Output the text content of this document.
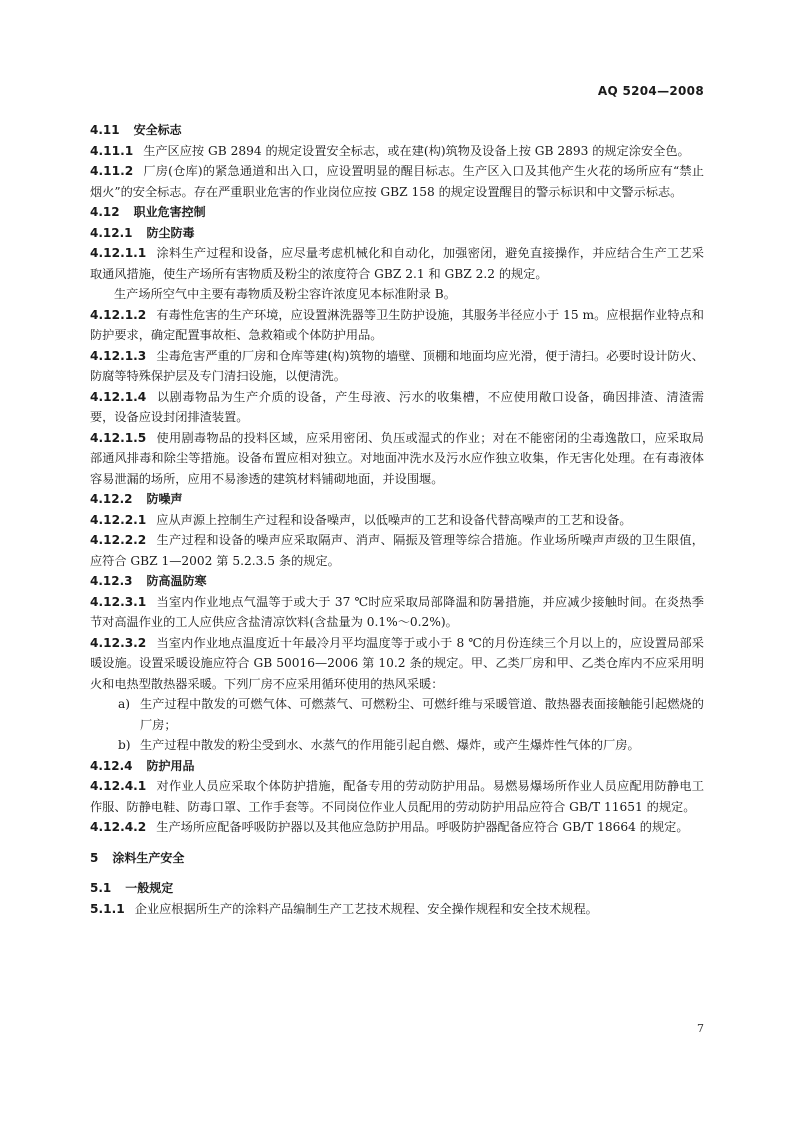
AQ 5204—2008
4.11 安全标志

4.11.1 生产区应按 GB 2894 的规定设置安全标志，或在建(构)筑物及设备上按 GB 2893 的规定涂安全色。

4.11.2 厂房(仓库)的紧急通道和出入口，应设置明显的醒目标志。生产区入口及其他产生火花的场所应有“禁止烟火”的安全标志。存在严重职业危害的作业岗位应按 GBZ 158 的规定设置醒目的警示标识和中文警示标志。

4.12 职业危害控制
4.12.1 防尘防毒

4.12.1.1 涂料生产过程和设备，应尽量考虑机械化和自动化，加强密闭，避免直接操作，并应结合生产工艺采取通风措施，使生产场所有害物质及粉尘的浓度符合 GBZ 2.1 和 GBZ 2.2 的规定。

生产场所空气中主要有毒物质及粉尘容许浓度见本标准附录 B。

4.12.1.2 有毒性危害的生产环境，应设置淋洗器等卫生防护设施，其服务半径应小于 15 m。应根据作业特点和防护要求，确定配置事故柜、急救箱或个体防护用品。

4.12.1.3 尘毒危害严重的厂房和仓库等建(构)筑物的墙壁、顶棚和地面均应光滑，便于清扫。必要时设计防火、防腐等特殊保护层及专门清扫设施，以便清洗。

4.12.1.4 以剧毒物品为生产介质的设备，产生母液、污水的收集槽，不应使用敞口设备，确因排渣、清渣需要，设备应设封闭排渣装置。

4.12.1.5 使用剧毒物品的投料区域，应采用密闭、负压或湿式的作业；对在不能密闭的尘毒逸散口，应采取局部通风排毒和除尘等措施。设备布置应相对独立。对地面冲洗水及污水应作独立收集，作无害化处理。在有毒液体容易泄漏的场所，应用不易渗透的建筑材料铺砌地面，并设围堰。

4.12.2 防噪声

4.12.2.1 应从声源上控制生产过程和设备噪声，以低噪声的工艺和设备代替高噪声的工艺和设备。

4.12.2.2 生产过程和设备的噪声应采取隔声、消声、隔振及管理等综合措施。作业场所噪声声级的卫生限值，应符合 GBZ 1—2002 第 5.2.3.5 条的规定。

4.12.3 防高温防寒

4.12.3.1 当室内作业地点气温等于或大于 37 ℃时应采取局部降温和防暑措施，并应减少接触时间。在炎热季节对高温作业的工人应供应含盐清凉饮料(含盐量为 0.1%～0.2%)。

4.12.3.2 当室内作业地点温度近十年最冷月平均温度等于或小于 8 ℃的月份连续三个月以上的，应设置局部采暖设施。设置采暖设施应符合 GB 50016—2006 第 10.2 条的规定。甲、乙类厂房和甲、乙类仓库内不应采用明火和电热型散热器采暖。下列厂房不应采用循环使用的热风采暖：

a) 生产过程中散发的可燃气体、可燃蒸气、可燃粉尘、可燃纤维与采暖管道、散热器表面接触能引起燃烧的厂房；

b) 生产过程中散发的粉尘受到水、水蒸气的作用能引起自燃、爆炸，或产生爆炸性气体的厂房。

4.12.4 防护用品

4.12.4.1 对作业人员应采取个体防护措施，配备专用的劳动防护用品。易燃易爆场所作业人员应配用防静电工作服、防静电鞋、防毒口罩、工作手套等。不同岗位作业人员配用的劳动防护用品应符合 GB/T 11651 的规定。

4.12.4.2 生产场所应配备呼吸防护器以及其他应急防护用品。呼吸防护器配备应符合 GB/T 18664 的规定。

5 涂料生产安全
5.1 一般规定

5.1.1 企业应根据所生产的涂料产品编制生产工艺技术规程、安全操作规程和安全技术规程。

7
